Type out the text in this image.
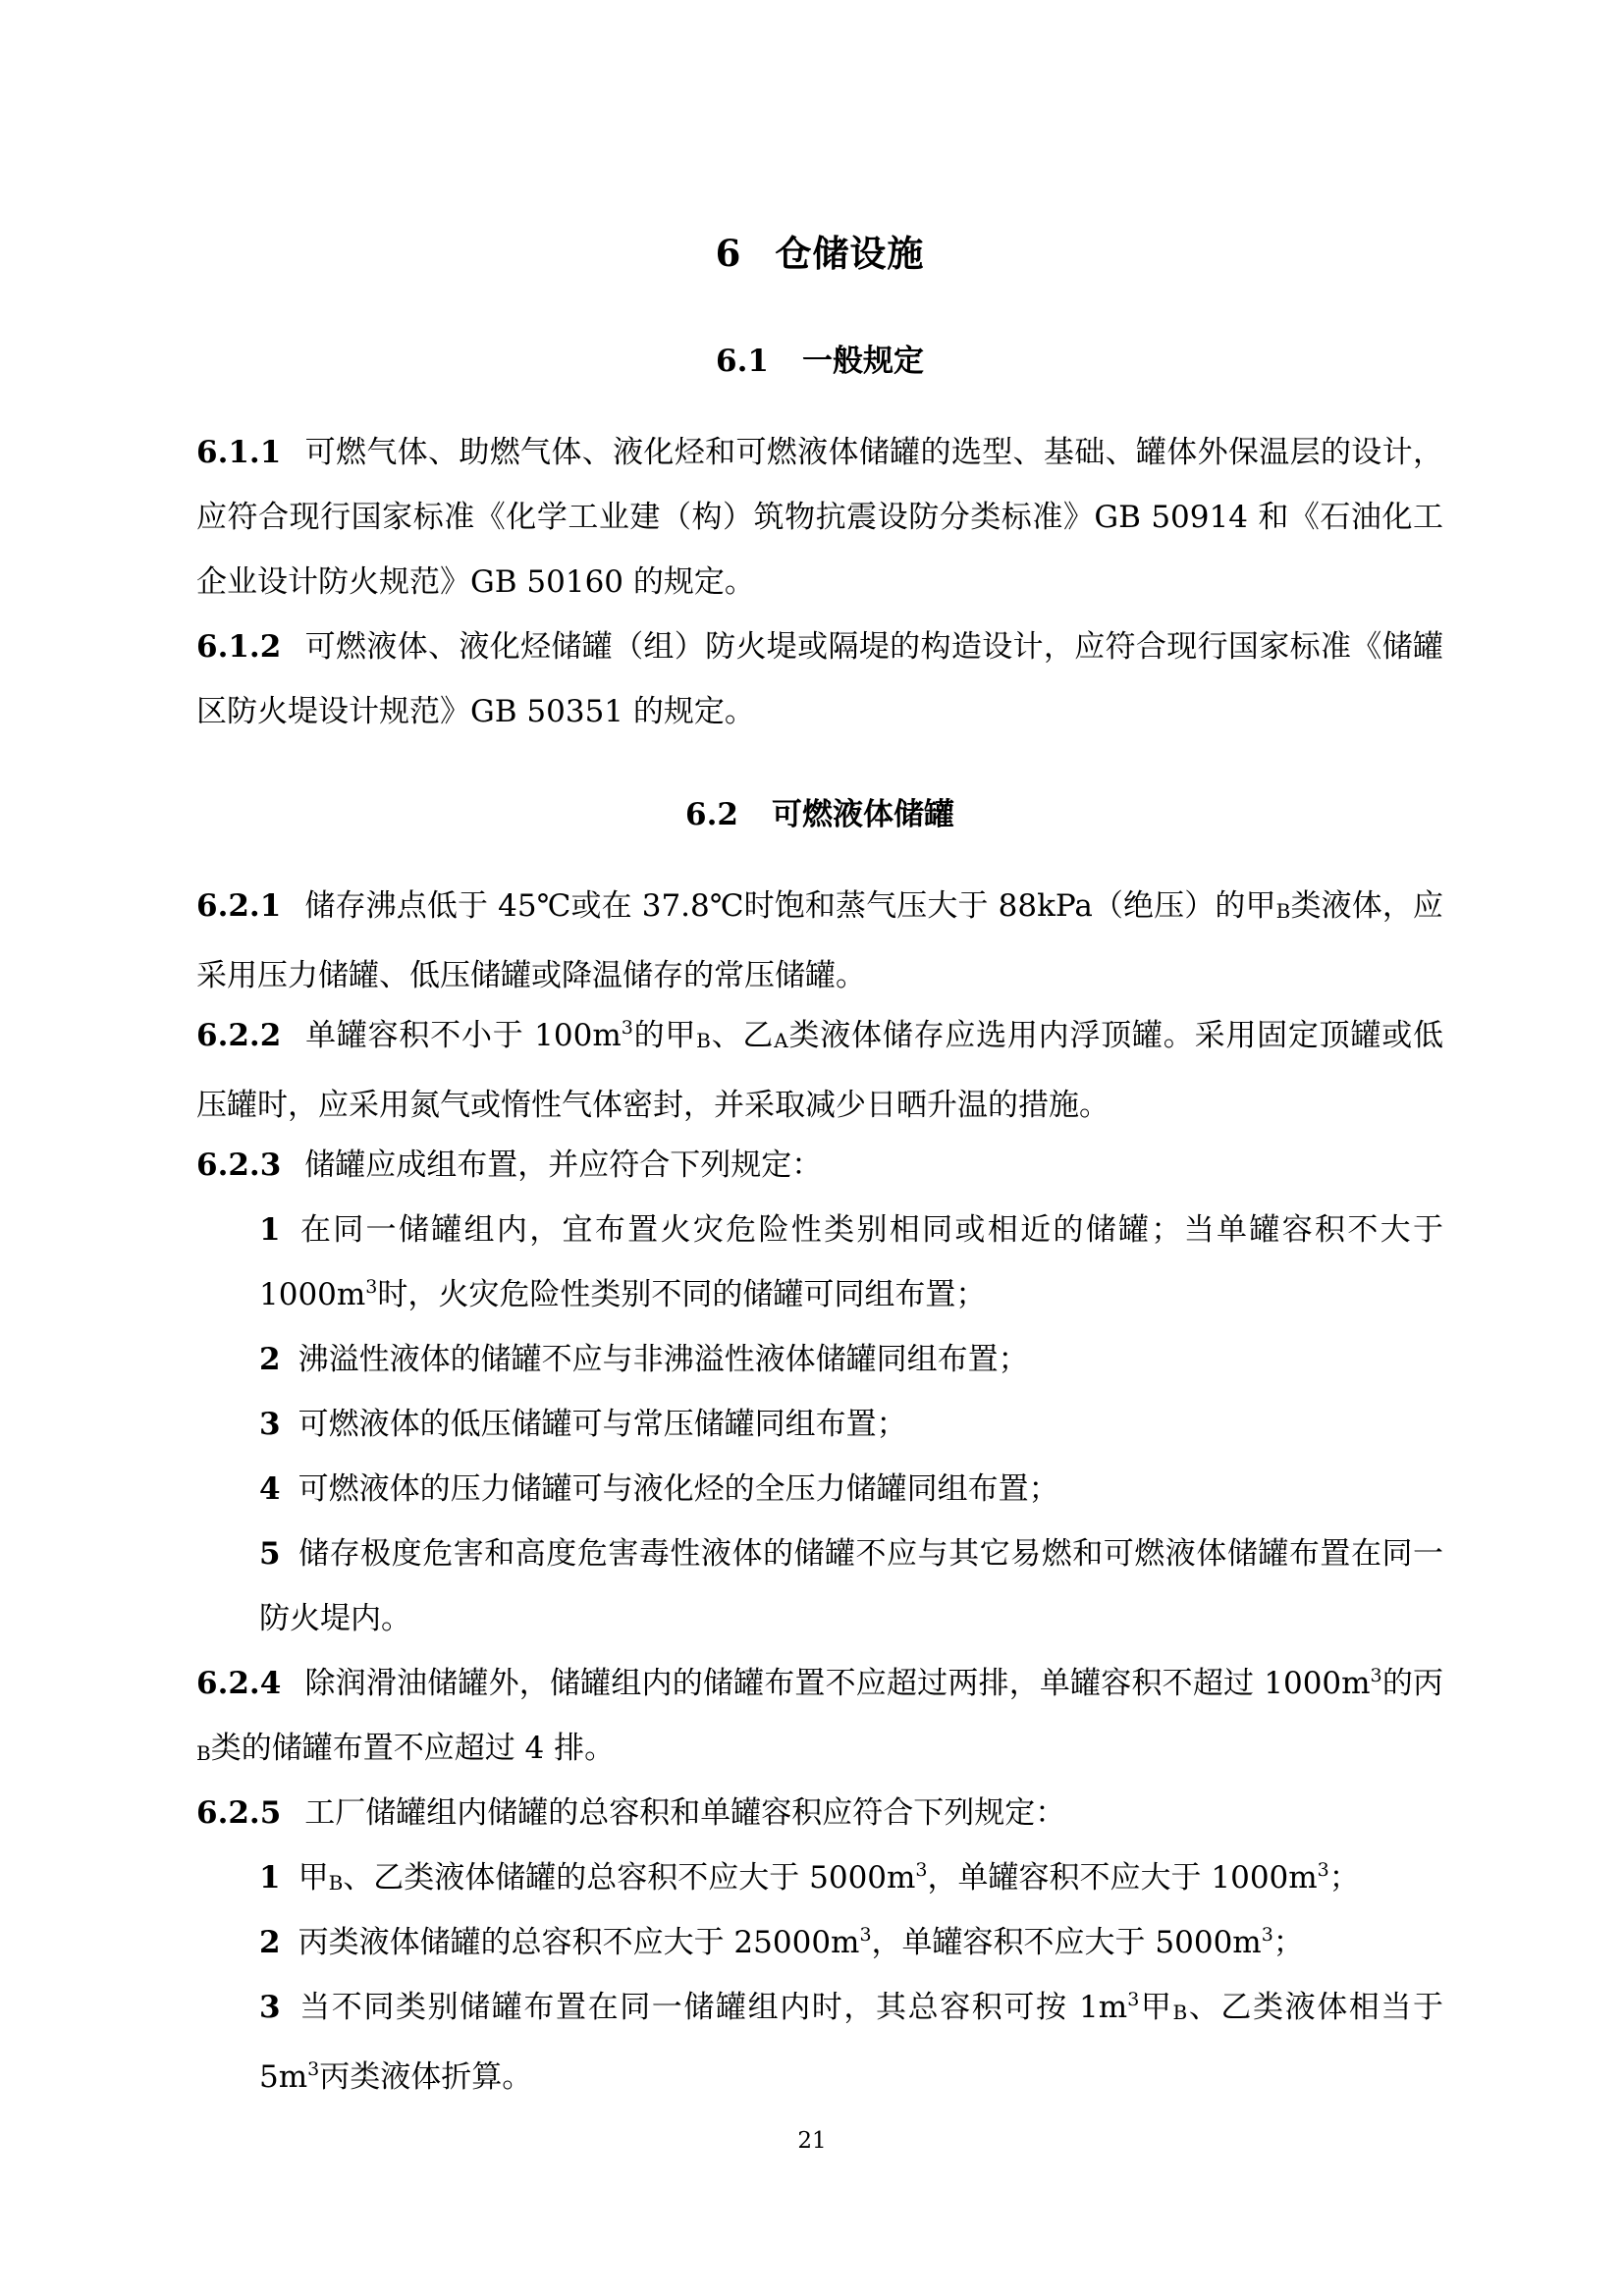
6 仓储设施
6.1 一般规定
6.1.1 可燃气体、助燃气体、液化烃和可燃液体储罐的选型、基础、罐体外保温层的设计，应符合现行国家标准《化学工业建（构）筑物抗震设防分类标准》GB 50914 和《石油化工企业设计防火规范》GB 50160 的规定。
6.1.2 可燃液体、液化烃储罐（组）防火堤或隔堤的构造设计，应符合现行国家标准《储罐区防火堤设计规范》GB 50351 的规定。
6.2 可燃液体储罐
6.2.1 储存沸点低于 45℃或在 37.8℃时饱和蒸气压大于 88kPa（绝压）的甲$_B$类液体，应采用压力储罐、低压储罐或降温储存的常压储罐。
6.2.2 单罐容积不小于 $100m^3$的甲$_B$、乙$_A$类液体储存应选用内浮顶罐。采用固定顶罐或低压罐时，应采用氮气或惰性气体密封，并采取减少日晒升温的措施。
6.2.3 储罐应成组布置，并应符合下列规定：
1 在同一储罐组内，宜布置火灾危险性类别相同或相近的储罐；当单罐容积不大于 $1000m^3$时，火灾危险性类别不同的储罐可同组布置；
2 沸溢性液体的储罐不应与非沸溢性液体储罐同组布置；
3 可燃液体的低压储罐可与常压储罐同组布置；
4 可燃液体的压力储罐可与液化烃的全压力储罐同组布置；
5 储存极度危害和高度危害毒性液体的储罐不应与其它易燃和可燃液体储罐布置在同一防火堤内。
6.2.4 除润滑油储罐外，储罐组内的储罐布置不应超过两排，单罐容积不超过 $1000m^3$的丙$_B$类的储罐布置不应超过 4 排。
6.2.5 工厂储罐组内储罐的总容积和单罐容积应符合下列规定：
1 甲$_B$、乙类液体储罐的总容积不应大于 $5000m^3$，单罐容积不应大于 $1000m^3$；
2 丙类液体储罐的总容积不应大于 $25000m^3$，单罐容积不应大于 $5000m^3$；
3 当不同类别储罐布置在同一储罐组内时，其总容积可按 $1m^3$甲$_B$、乙类液体相当于 $5m^3$丙类液体折算。
21
